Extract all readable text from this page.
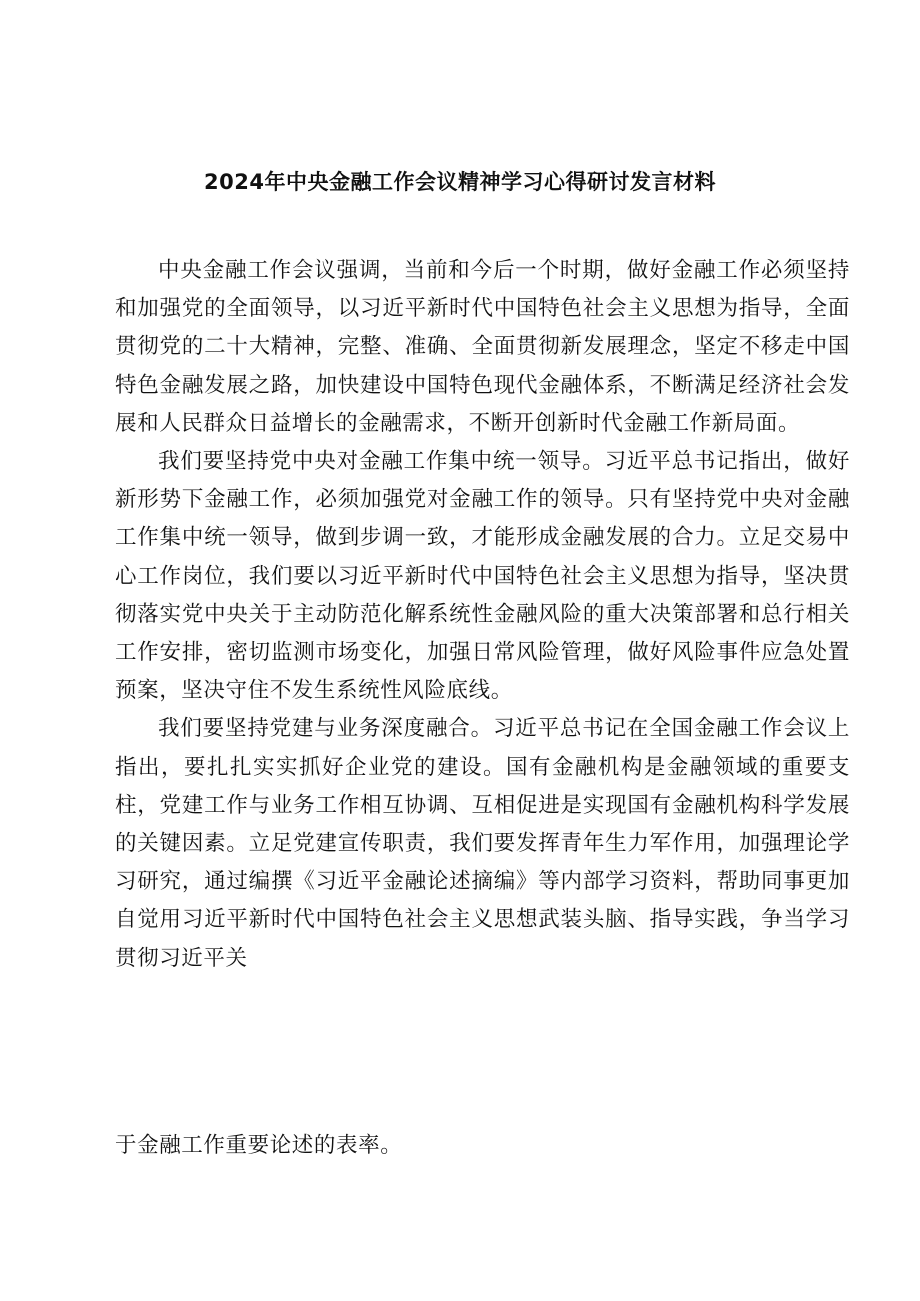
2024年中央金融工作会议精神学习心得研讨发言材料

中央金融工作会议强调，当前和今后一个时期，做好金融工作必须坚持和加强党的全面领导，以习近平新时代中国特色社会主义思想为指导，全面贯彻党的二十大精神，完整、准确、全面贯彻新发展理念，坚定不移走中国特色金融发展之路，加快建设中国特色现代金融体系，不断满足经济社会发展和人民群众日益增长的金融需求，不断开创新时代金融工作新局面。

我们要坚持党中央对金融工作集中统一领导。习近平总书记指出，做好新形势下金融工作，必须加强党对金融工作的领导。只有坚持党中央对金融工作集中统一领导，做到步调一致，才能形成金融发展的合力。立足交易中心工作岗位，我们要以习近平新时代中国特色社会主义思想为指导，坚决贯彻落实党中央关于主动防范化解系统性金融风险的重大决策部署和总行相关工作安排，密切监测市场变化，加强日常风险管理，做好风险事件应急处置预案，坚决守住不发生系统性风险底线。

我们要坚持党建与业务深度融合。习近平总书记在全国金融工作会议上指出，要扎扎实实抓好企业党的建设。国有金融机构是金融领域的重要支柱，党建工作与业务工作相互协调、互相促进是实现国有金融机构科学发展的关键因素。立足党建宣传职责，我们要发挥青年生力军作用，加强理论学习研究，通过编撰《习近平金融论述摘编》等内部学习资料，帮助同事更加自觉用习近平新时代中国特色社会主义思想武装头脑、指导实践，争当学习贯彻习近平关

于金融工作重要论述的表率。
